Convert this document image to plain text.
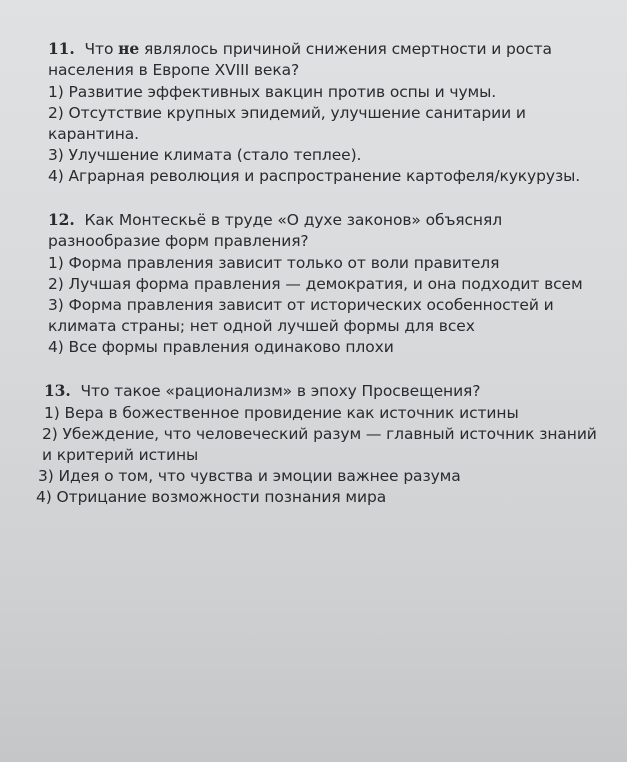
11. Что не являлось причиной снижения смертности и роста населения в Европе XVIII века?
1) Развитие эффективных вакцин против оспы и чумы.
2) Отсутствие крупных эпидемий, улучшение санитарии и карантина.
3) Улучшение климата (стало теплее).
4) Аграрная революция и распространение картофеля/кукурузы.
12. Как Монтескьё в труде «О духе законов» объяснял разнообразие форм правления?
1) Форма правления зависит только от воли правителя
2) Лучшая форма правления — демократия, и она подходит всем
3) Форма правления зависит от исторических особенностей и климата страны; нет одной лучшей формы для всех
4) Все формы правления одинаково плохи
13. Что такое «рационализм» в эпоху Просвещения?
1) Вера в божественное провидение как источник истины
2) Убеждение, что человеческий разум — главный источник знаний и критерий истины
3) Идея о том, что чувства и эмоции важнее разума
4) Отрицание возможности познания мира
